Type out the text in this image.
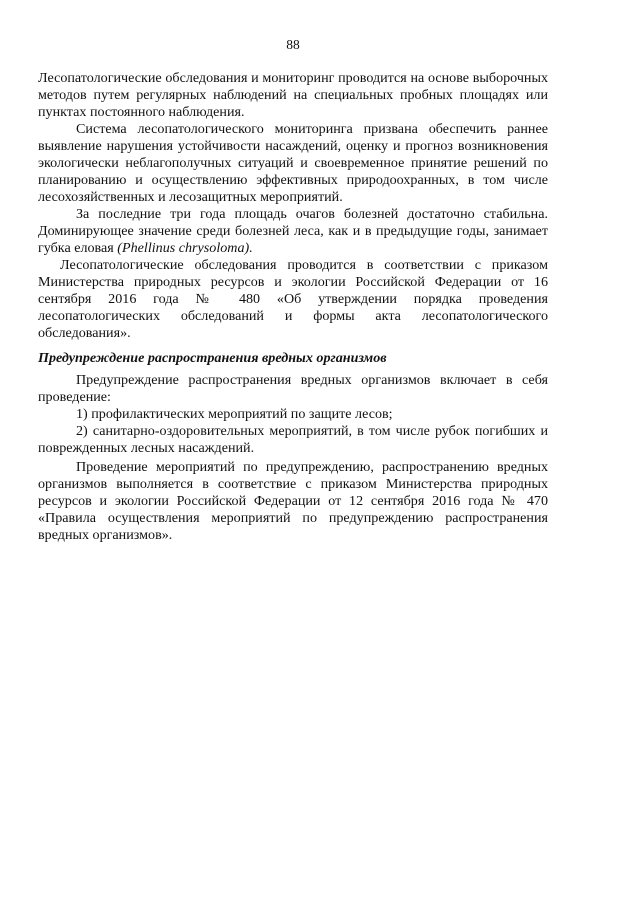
88

Лесопатологические обследования и мониторинг проводится на основе выборочных методов путем регулярных наблюдений на специальных пробных площадях или пунктах постоянного наблюдения.

Система лесопатологического мониторинга призвана обеспечить раннее выявление нарушения устойчивости насаждений, оценку и прогноз возникновения экологически неблагополучных ситуаций и своевременное принятие решений по планированию и осуществлению эффективных природоохранных, в том числе лесохозяйственных и лесозащитных мероприятий.

За последние три года площадь очагов болезней достаточно стабильна. Доминирующее значение среди болезней леса, как и в предыдущие годы, занимает губка еловая (Phellinus chrysoloma).

Лесопатологические обследования проводится в соответствии с приказом Министерства природных ресурсов и экологии Российской Федерации от 16 сентября 2016 года № 480 «Об утверждении порядка проведения лесопатологических обследований и формы акта лесопатологического обследования».

Предупреждение распространения вредных организмов

Предупреждение распространения вредных организмов включает в себя проведение:

1) профилактических мероприятий по защите лесов;

2) санитарно-оздоровительных мероприятий, в том числе рубок погибших и поврежденных лесных насаждений.

Проведение мероприятий по предупреждению, распространению вредных организмов выполняется в соответствие с приказом Министерства природных ресурсов и экологии Российской Федерации от 12 сентября 2016 года № 470 «Правила осуществления мероприятий по предупреждению распространения вредных организмов».
